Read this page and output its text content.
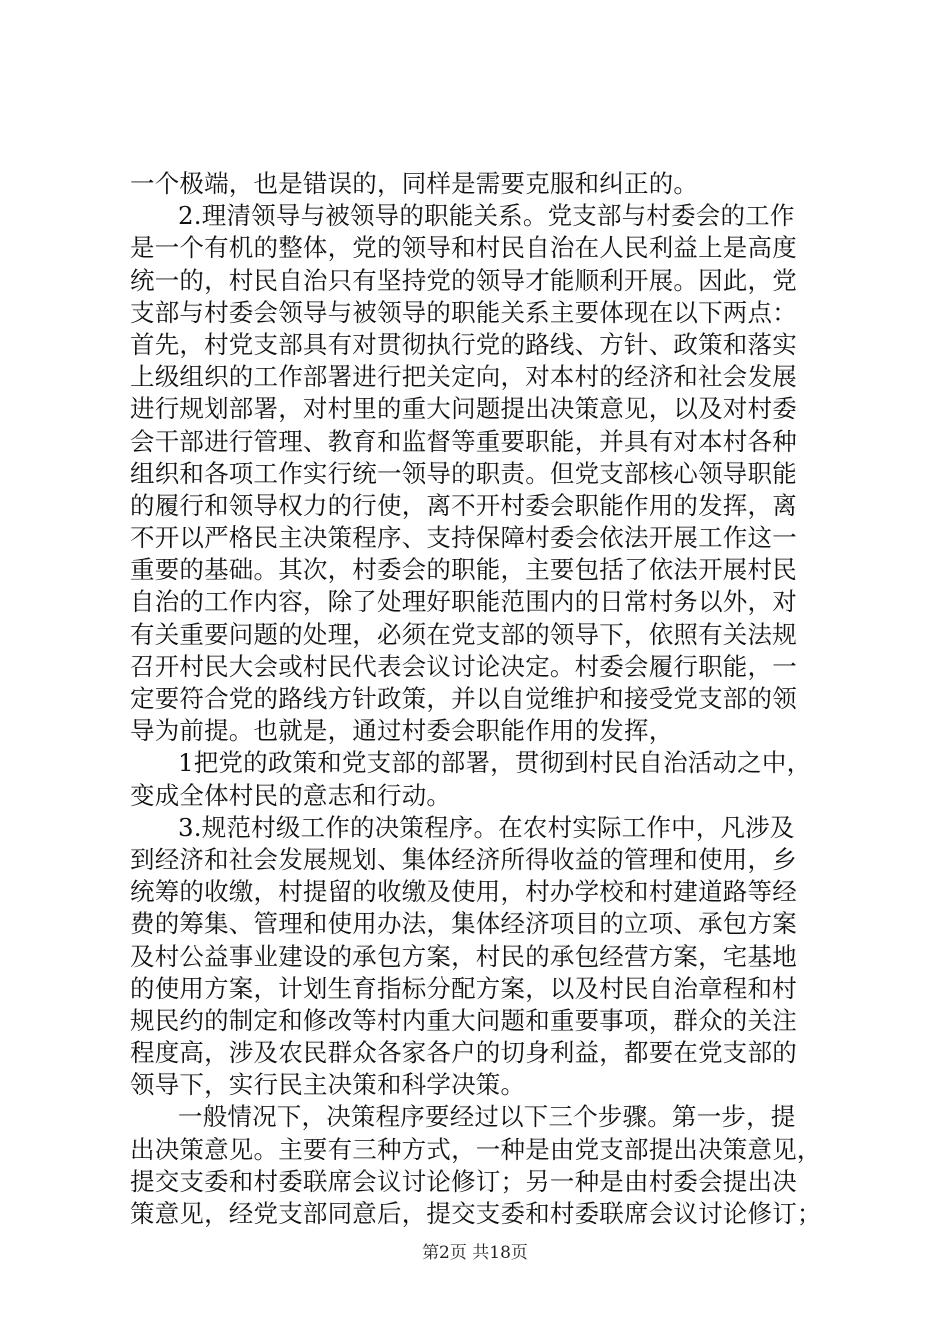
一个极端，也是错误的，同样是需要克服和纠正的。
2.理清领导与被领导的职能关系。党支部与村委会的工作
是一个有机的整体，党的领导和村民自治在人民利益上是高度
统一的，村民自治只有坚持党的领导才能顺利开展。因此，党
支部与村委会领导与被领导的职能关系主要体现在以下两点：
首先，村党支部具有对贯彻执行党的路线、方针、政策和落实
上级组织的工作部署进行把关定向，对本村的经济和社会发展
进行规划部署，对村里的重大问题提出决策意见，以及对村委
会干部进行管理、教育和监督等重要职能，并具有对本村各种
组织和各项工作实行统一领导的职责。但党支部核心领导职能
的履行和领导权力的行使，离不开村委会职能作用的发挥，离
不开以严格民主决策程序、支持保障村委会依法开展工作这一
重要的基础。其次，村委会的职能，主要包括了依法开展村民
自治的工作内容，除了处理好职能范围内的日常村务以外，对
有关重要问题的处理，必须在党支部的领导下，依照有关法规
召开村民大会或村民代表会议讨论决定。村委会履行职能，一
定要符合党的路线方针政策，并以自觉维护和接受党支部的领
导为前提。也就是，通过村委会职能作用的发挥，
1把党的政策和党支部的部署，贯彻到村民自治活动之中，
变成全体村民的意志和行动。
3.规范村级工作的决策程序。在农村实际工作中，凡涉及
到经济和社会发展规划、集体经济所得收益的管理和使用，乡
统筹的收缴，村提留的收缴及使用，村办学校和村建道路等经
费的筹集、管理和使用办法，集体经济项目的立项、承包方案
及村公益事业建设的承包方案，村民的承包经营方案，宅基地
的使用方案，计划生育指标分配方案，以及村民自治章程和村
规民约的制定和修改等村内重大问题和重要事项，群众的关注
程度高，涉及农民群众各家各户的切身利益，都要在党支部的
领导下，实行民主决策和科学决策。
一般情况下，决策程序要经过以下三个步骤。第一步，提
出决策意见。主要有三种方式，一种是由党支部提出决策意见，
提交支委和村委联席会议讨论修订；另一种是由村委会提出决
策意见，经党支部同意后，提交支委和村委联席会议讨论修订；
第2页 共18页
